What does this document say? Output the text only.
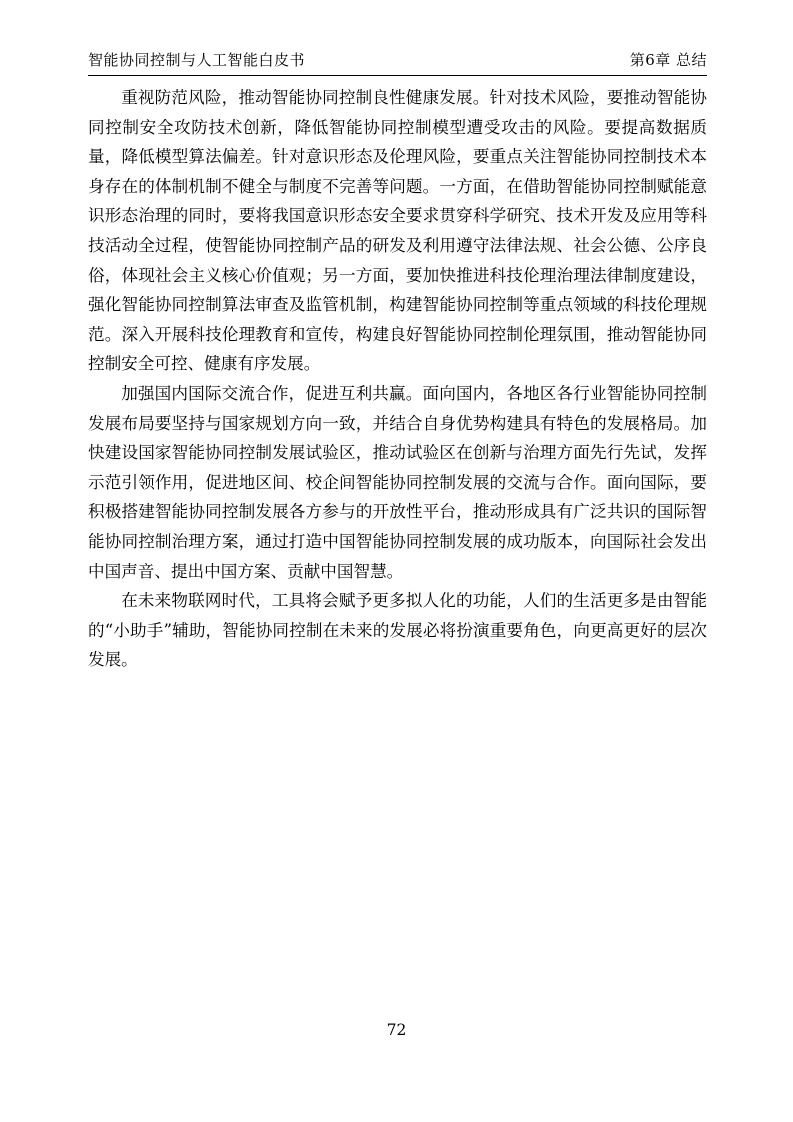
智能协同控制与人工智能白皮书	第6章 总结

重视防范风险，推动智能协同控制良性健康发展。针对技术风险，要推动智能协同控制安全攻防技术创新，降低智能协同控制模型遭受攻击的风险。要提高数据质量，降低模型算法偏差。针对意识形态及伦理风险，要重点关注智能协同控制技术本身存在的体制机制不健全与制度不完善等问题。一方面，在借助智能协同控制赋能意识形态治理的同时，要将我国意识形态安全要求贯穿科学研究、技术开发及应用等科技活动全过程，使智能协同控制产品的研发及利用遵守法律法规、社会公德、公序良俗，体现社会主义核心价值观；另一方面，要加快推进科技伦理治理法律制度建设，强化智能协同控制算法审查及监管机制，构建智能协同控制等重点领域的科技伦理规范。深入开展科技伦理教育和宣传，构建良好智能协同控制伦理氛围，推动智能协同控制安全可控、健康有序发展。

加强国内国际交流合作，促进互利共赢。面向国内，各地区各行业智能协同控制发展布局要坚持与国家规划方向一致，并结合自身优势构建具有特色的发展格局。加快建设国家智能协同控制发展试验区，推动试验区在创新与治理方面先行先试，发挥示范引领作用，促进地区间、校企间智能协同控制发展的交流与合作。面向国际，要积极搭建智能协同控制发展各方参与的开放性平台，推动形成具有广泛共识的国际智能协同控制治理方案，通过打造中国智能协同控制发展的成功版本，向国际社会发出中国声音、提出中国方案、贡献中国智慧。

在未来物联网时代，工具将会赋予更多拟人化的功能，人们的生活更多是由智能的“小助手”辅助，智能协同控制在未来的发展必将扮演重要角色，向更高更好的层次发展。

72
